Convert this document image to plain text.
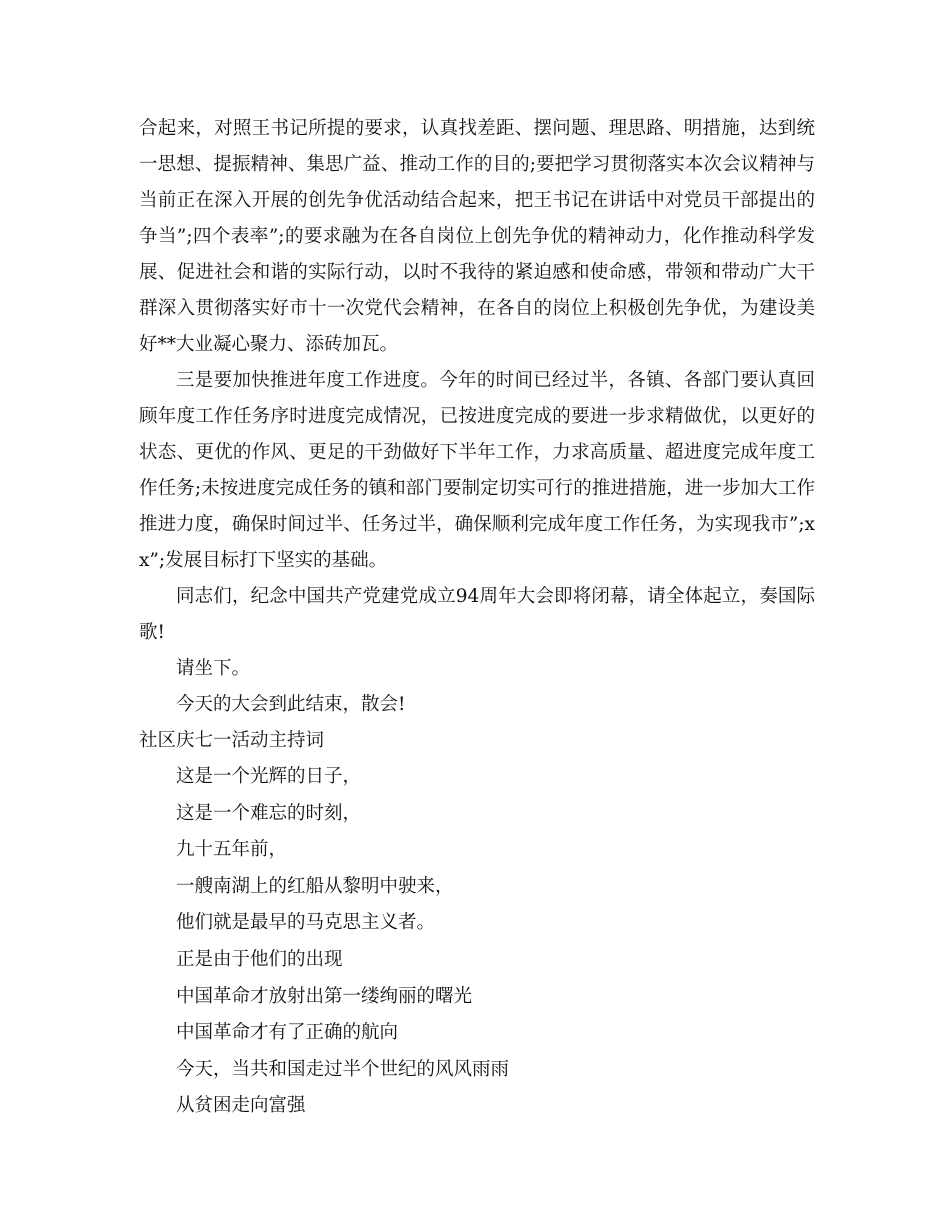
合起来，对照王书记所提的要求，认真找差距、摆问题、理思路、明措施，达到统一思想、提振精神、集思广益、推动工作的目的;要把学习贯彻落实本次会议精神与当前正在深入开展的创先争优活动结合起来，把王书记在讲话中对党员干部提出的争当”;四个表率”;的要求融为在各自岗位上创先争优的精神动力，化作推动科学发展、促进社会和谐的实际行动，以时不我待的紧迫感和使命感，带领和带动广大干群深入贯彻落实好市十一次党代会精神，在各自的岗位上积极创先争优，为建设美好**大业凝心聚力、添砖加瓦。

三是要加快推进年度工作进度。今年的时间已经过半，各镇、各部门要认真回顾年度工作任务序时进度完成情况，已按进度完成的要进一步求精做优，以更好的状态、更优的作风、更足的干劲做好下半年工作，力求高质量、超进度完成年度工作任务;未按进度完成任务的镇和部门要制定切实可行的推进措施，进一步加大工作推进力度，确保时间过半、任务过半，确保顺利完成年度工作任务，为实现我市”;xx”;发展目标打下坚实的基础。

同志们，纪念中国共产党建党成立94周年大会即将闭幕，请全体起立，奏国际歌!

请坐下。

今天的大会到此结束，散会!

社区庆七一活动主持词

这是一个光辉的日子，

这是一个难忘的时刻，

九十五年前，

一艘南湖上的红船从黎明中驶来，

他们就是最早的马克思主义者。

正是由于他们的出现

中国革命才放射出第一缕绚丽的曙光

中国革命才有了正确的航向

今天，当共和国走过半个世纪的风风雨雨

从贫困走向富强
